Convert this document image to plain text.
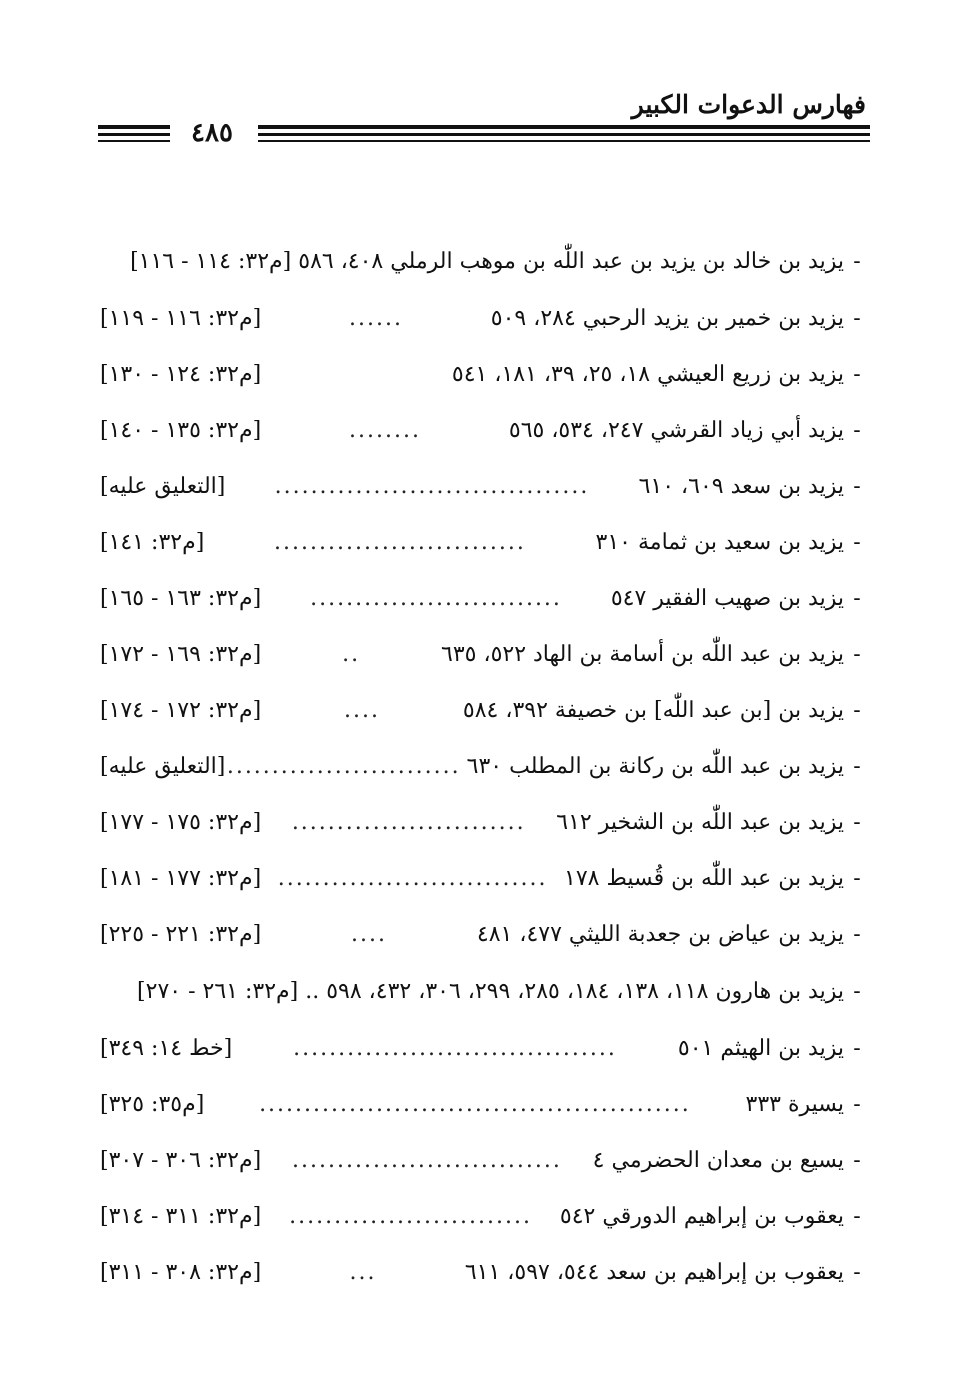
فهارس الدعوات الكبير
٤٨٥
-
يزيد بن خالد بن يزيد بن عبد اللّٰه بن موهب الرملي ٤٠٨، ٥٨٦ [م٣٢: ١١٤ - ١١٦]
-
يزيد بن خمير بن يزيد الرحبي ٢٨٤، ٥٠٩
......
[م٣٢: ١١٦ - ١١٩]
-
يزيد بن زريع العيشي ١٨، ٢٥، ٣٩، ١٨١، ٥٤١
[م٣٢: ١٢٤ - ١٣٠]
-
يزيد أبي زياد القرشي ٢٤٧، ٥٣٤، ٥٦٥
........
[م٣٢: ١٣٥ - ١٤٠]
-
يزيد بن سعد ٦٠٩، ٦١٠
...................................
[التعليق عليه]
-
يزيد بن سعيد بن ثمامة ٣١٠
............................
[م٣٢: ١٤١]
-
يزيد بن صهيب الفقير ٥٤٧
............................
[م٣٢: ١٦٣ - ١٦٥]
-
يزيد بن عبد اللّٰه بن أسامة بن الهاد ٥٢٢، ٦٣٥
..
[م٣٢: ١٦٩ - ١٧٢]
-
يزيد بن [بن عبد اللّٰه] بن خصيفة ٣٩٢، ٥٨٤
....
[م٣٢: ١٧٢ - ١٧٤]
-
يزيد بن عبد اللّٰه بن ركانة بن المطلب ٦٣٠
..........................
[التعليق عليه]
-
يزيد بن عبد اللّٰه بن الشخير ٦١٢
..........................
[م٣٢: ١٧٥ - ١٧٧]
-
يزيد بن عبد اللّٰه بن قُسيط ١٧٨
..............................
[م٣٢: ١٧٧ - ١٨١]
-
يزيد بن عياض بن جعدبة الليثي ٤٧٧، ٤٨١
....
[م٣٢: ٢٢١ - ٢٢٥]
-
يزيد بن هارون ١١٨، ١٣٨، ١٨٤، ٢٨٥، ٢٩٩، ٣٠٦، ٤٣٢، ٥٩٨ .. [م٣٢: ٢٦١ - ٢٧٠]
-
يزيد بن الهيثم ٥٠١
....................................
[خط ١٤: ٣٤٩]
-
يسيرة ٣٣٣
................................................
[م٣٥: ٣٢٥]
-
يسيع بن معدان الحضرمي ٤
..............................
[م٣٢: ٣٠٦ - ٣٠٧]
-
يعقوب بن إبراهيم الدورقي ٥٤٢
...........................
[م٣٢: ٣١١ - ٣١٤]
-
يعقوب بن إبراهيم بن سعد ٥٤٤، ٥٩٧، ٦١١
...
[م٣٢: ٣٠٨ - ٣١١]
